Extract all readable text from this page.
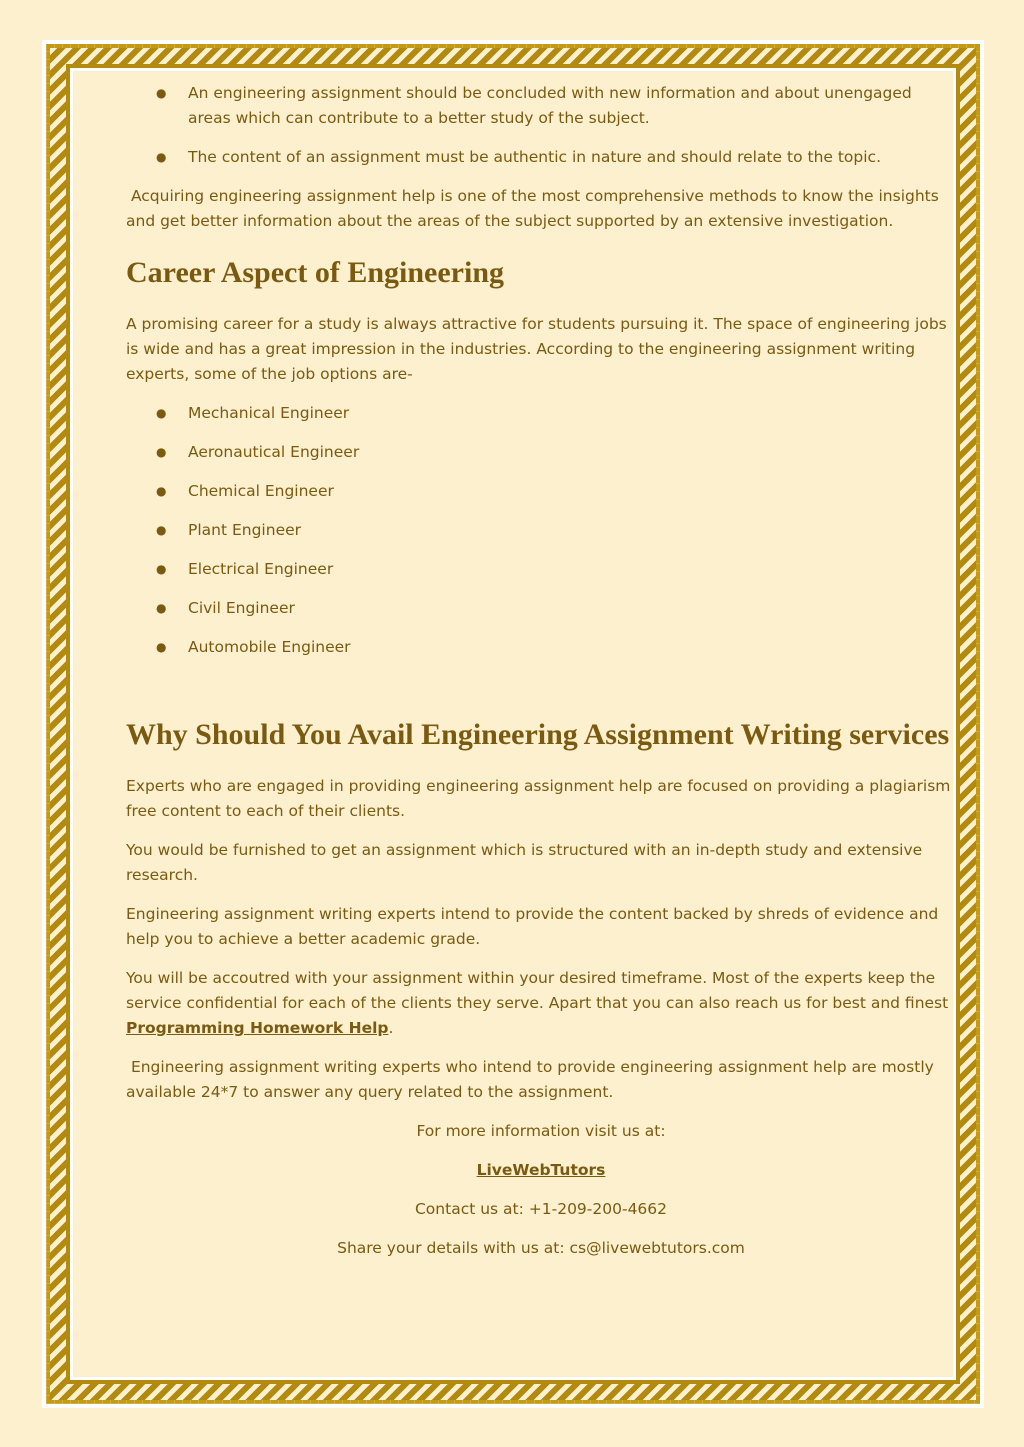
● An engineering assignment should be concluded with new information and about unengaged areas which can contribute to a better study of the subject.
● The content of an assignment must be authentic in nature and should relate to the topic.

Acquiring engineering assignment help is one of the most comprehensive methods to know the insights and get better information about the areas of the subject supported by an extensive investigation.

Career Aspect of Engineering

A promising career for a study is always attractive for students pursuing it. The space of engineering jobs is wide and has a great impression in the industries. According to the engineering assignment writing experts, some of the job options are-

● Mechanical Engineer
● Aeronautical Engineer
● Chemical Engineer
● Plant Engineer
● Electrical Engineer
● Civil Engineer
● Automobile Engineer
Why Should You Avail Engineering Assignment Writing services

Experts who are engaged in providing engineering assignment help are focused on providing a plagiarism free content to each of their clients.

You would be furnished to get an assignment which is structured with an in-depth study and extensive research.

Engineering assignment writing experts intend to provide the content backed by shreds of evidence and help you to achieve a better academic grade.

You will be accoutred with your assignment within your desired timeframe. Most of the experts keep the service confidential for each of the clients they serve. Apart that you can also reach us for best and finest Programming Homework Help.

Engineering assignment writing experts who intend to provide engineering assignment help are mostly available 24*7 to answer any query related to the assignment.

For more information visit us at:

LiveWebTutors

Contact us at: +1-209-200-4662

Share your details with us at: cs@livewebtutors.com
